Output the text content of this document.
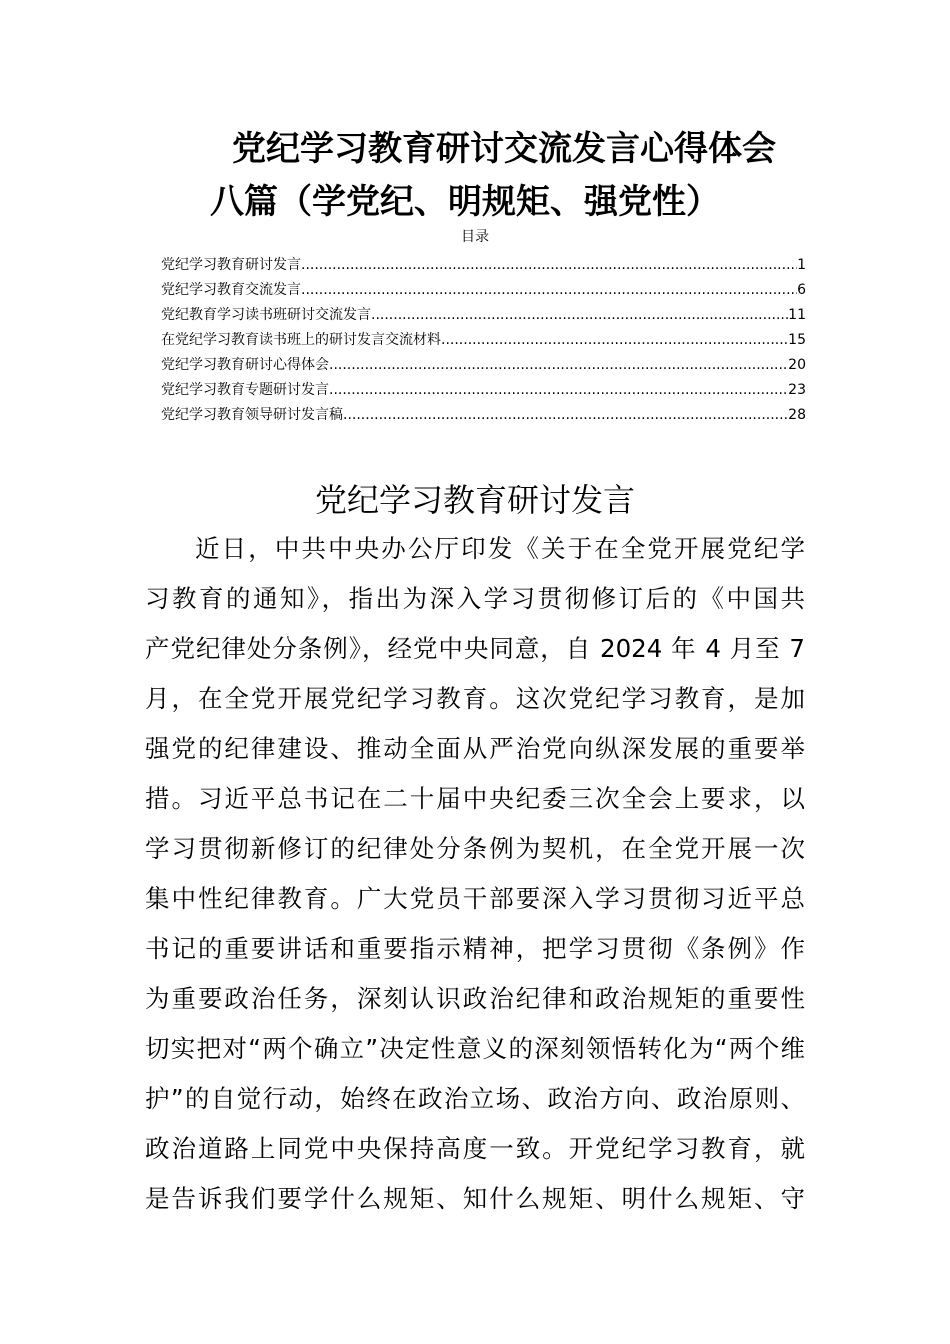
党纪学习教育研讨交流发言心得体会
八篇（学党纪、明规矩、强党性）
目录
党纪学习教育研讨发言 .....	1
党纪学习教育交流发言 .....	6
党纪教育学习读书班研讨交流发言 .....	11
在党纪学习教育读书班上的研讨发言交流材料 .....	15
党纪学习教育研讨心得体会 .....	20
党纪学习教育专题研讨发言 .....	23
党纪学习教育领导研讨发言稿 .....	28
党纪学习教育研讨发言
近日，中共中央办公厅印发《关于在全党开展党纪学
习教育的通知》，指出为深入学习贯彻修订后的《中国共
产党纪律处分条例》，经党中央同意，自 2024 年 4 月至 7
月，在全党开展党纪学习教育。这次党纪学习教育，是加
强党的纪律建设、推动全面从严治党向纵深发展的重要举
措。习近平总书记在二十届中央纪委三次全会上要求，以
学习贯彻新修订的纪律处分条例为契机，在全党开展一次
集中性纪律教育。广大党员干部要深入学习贯彻习近平总
书记的重要讲话和重要指示精神，把学习贯彻《条例》作
为重要政治任务，深刻认识政治纪律和政治规矩的重要性
切实把对“两个确立”决定性意义的深刻领悟转化为“两个维
护”的自觉行动，始终在政治立场、政治方向、政治原则、
政治道路上同党中央保持高度一致。开党纪学习教育，就
是告诉我们要学什么规矩、知什么规矩、明什么规矩、守
